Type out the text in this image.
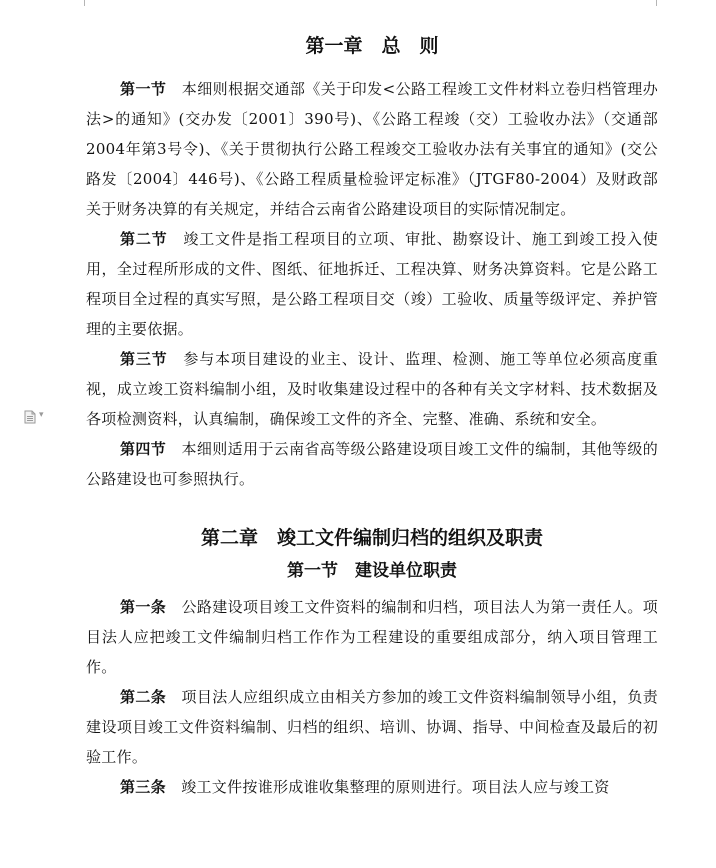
▾
第一章　总　则

第一节　本细则根据交通部《关于印发<公路工程竣工文件材料立卷归档管理办法>的通知》(交办发〔2001〕390号)、《公路工程竣（交）工验收办法》（交通部2004年第3号令)、《关于贯彻执行公路工程竣交工验收办法有关事宜的通知》(交公路发〔2004〕446号)、《公路工程质量检验评定标准》（JTGF80-2004）及财政部关于财务决算的有关规定，并结合云南省公路建设项目的实际情况制定。

第二节　竣工文件是指工程项目的立项、审批、勘察设计、施工到竣工投入使用，全过程所形成的文件、图纸、征地拆迁、工程决算、财务决算资料。它是公路工程项目全过程的真实写照，是公路工程项目交（竣）工验收、质量等级评定、养护管理的主要依据。

第三节　参与本项目建设的业主、设计、监理、检测、施工等单位必须高度重视，成立竣工资料编制小组，及时收集建设过程中的各种有关文字材料、技术数据及各项检测资料，认真编制，确保竣工文件的齐全、完整、准确、系统和安全。

第四节　本细则适用于云南省高等级公路建设项目竣工文件的编制，其他等级的公路建设也可参照执行。

第二章　竣工文件编制归档的组织及职责
第一节　建设单位职责

第一条　公路建设项目竣工文件资料的编制和归档，项目法人为第一责任人。项目法人应把竣工文件编制归档工作作为工程建设的重要组成部分，纳入项目管理工作。

第二条　项目法人应组织成立由相关方参加的竣工文件资料编制领导小组，负责建设项目竣工文件资料编制、归档的组织、培训、协调、指导、中间检查及最后的初验工作。

第三条　竣工文件按谁形成谁收集整理的原则进行。项目法人应与竣工资
